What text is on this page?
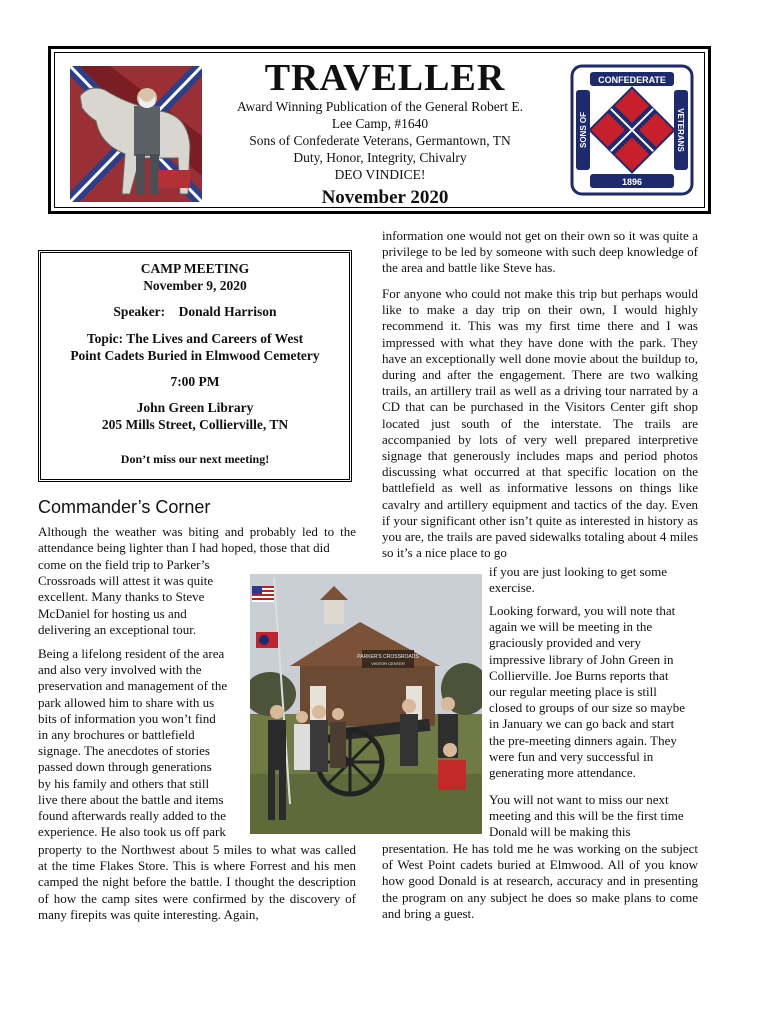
TRAVELLER
Award Winning Publication of the General Robert E.
Lee Camp, #1640
Sons of Confederate Veterans, Germantown, TN
Duty, Honor, Integrity, Chivalry
DEO VINDICE!
November 2020
CONFEDERATE
1896
SONS OF	VETERANS
CAMP MEETING
November 9, 2020
Speaker: Donald Harrison
Topic: The Lives and Careers of West
Point Cadets Buried in Elmwood Cemetery
7:00 PM
John Green Library
205 Mills Street, Collierville, TN
Don’t miss our next meeting!
Commander’s Corner
Although the weather was biting and probably led to the attendance being lighter than I had hoped, those that did

come on the field trip to Parker’s

Crossroads will attest it was quite

excellent. Many thanks to Steve

McDaniel for hosting us and

delivering an exceptional tour.

Being a lifelong resident of the area

and also very involved with the

preservation and management of the

park allowed him to share with us

bits of information you won’t find

in any brochures or battlefield

signage. The anecdotes of stories

passed down through generations

by his family and others that still

live there about the battle and items

found afterwards really added to the

experience. He also took us off park

property to the Northwest about 5 miles to what was called at the time Flakes Store. This is where Forrest and his men camped the night before the battle. I thought the description of how the camp sites were confirmed by the discovery of many firepits was quite interesting. Again,
information one would not get on their own so it was quite a privilege to be led by someone with such deep knowledge of the area and battle like Steve has.
For anyone who could not make this trip but perhaps would like to make a day trip on their own, I would highly recommend it. This was my first time there and I was impressed with what they have done with the park. They have an exceptionally well done movie about the buildup to, during and after the engagement. There are two walking trails, an artillery trail as well as a driving tour narrated by a CD that can be purchased in the Visitors Center gift shop located just south of the interstate. The trails are accompanied by lots of very well prepared interpretive signage that generously includes maps and period photos discussing what occurred at that specific location on the battlefield as well as informative lessons on things like cavalry and artillery equipment and tactics of the day. Even if your significant other isn’t quite as interested in history as you are, the trails are paved sidewalks totaling about 4 miles so it’s a nice place to go

if you are just looking to get some

exercise.

Looking forward, you will note that

again we will be meeting in the

graciously provided and very

impressive library of John Green in

Collierville. Joe Burns reports that

our regular meeting place is still

closed to groups of our size so maybe

in January we can go back and start

the pre-meeting dinners again. They

were fun and very successful in

generating more attendance.

You will not want to miss our next

meeting and this will be the first time

Donald will be making this

presentation. He has told me he was working on the subject of West Point cadets buried at Elmwood. All of you know how good Donald is at research, accuracy and in presenting the program on any subject he does so make plans to come and bring a guest.
PARKER'S CROSSROADS
VISITOR CENTER
